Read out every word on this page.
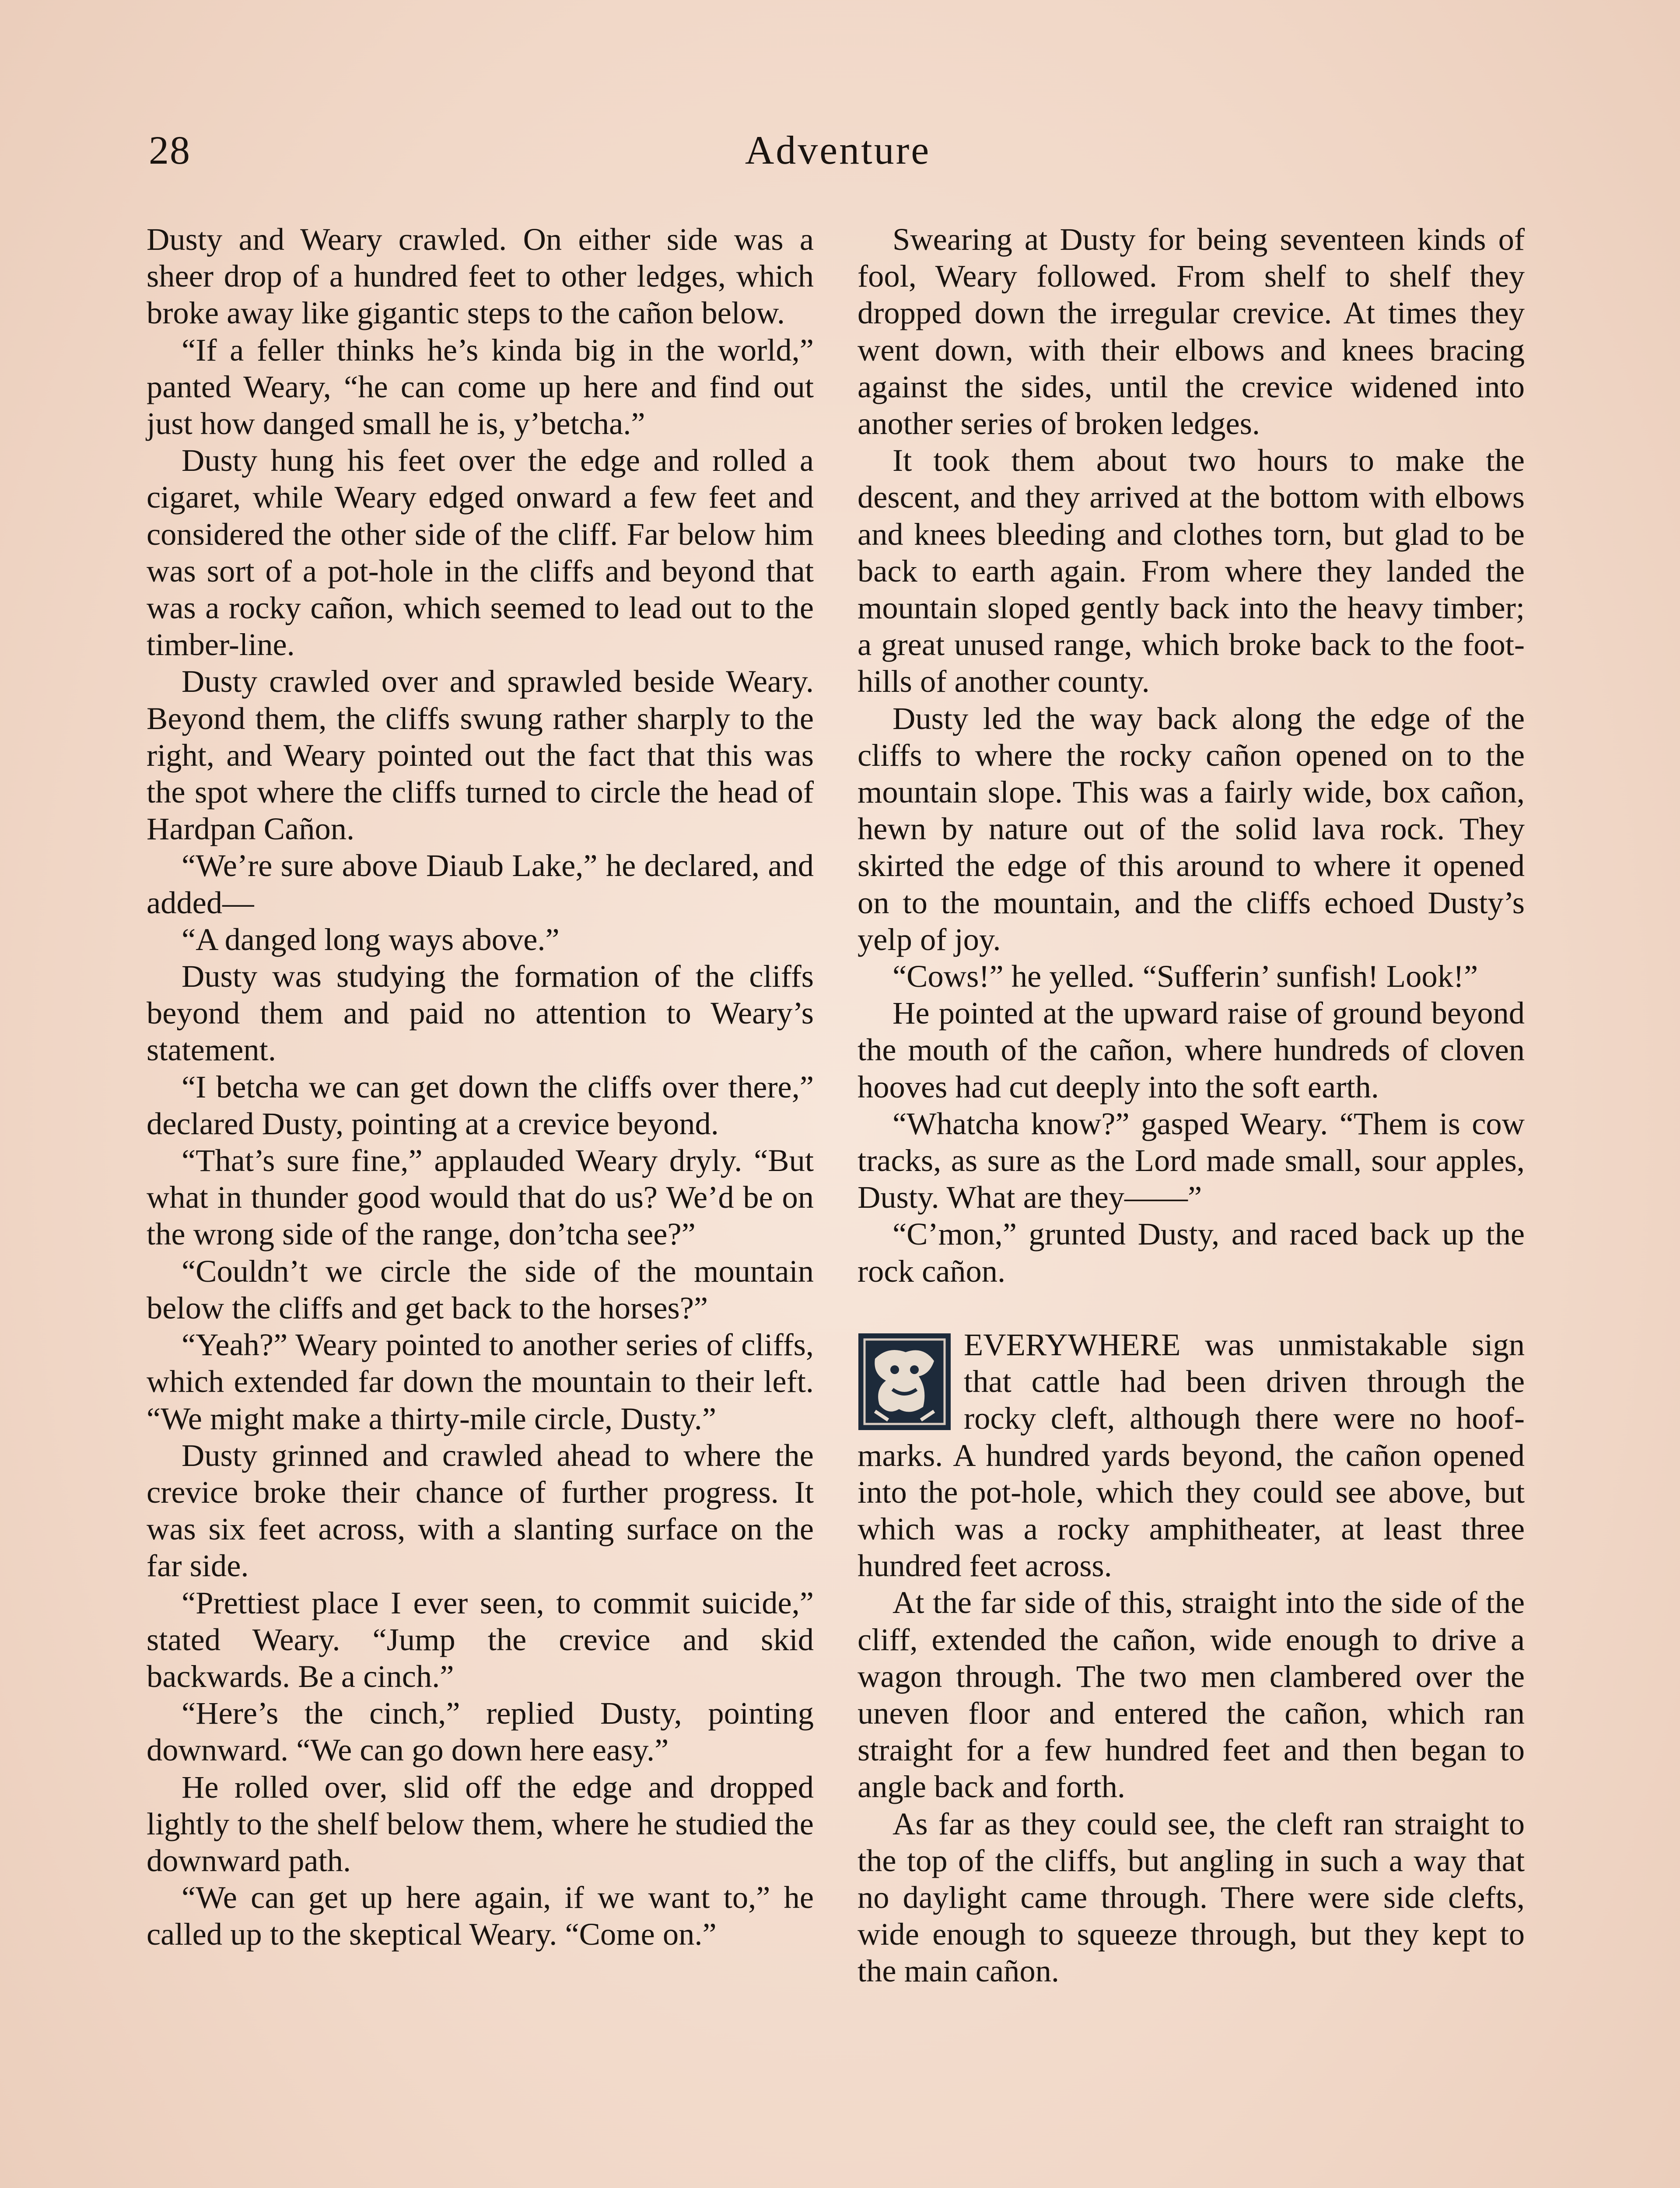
28	Adventure

Dusty and Weary crawled. On either side was a sheer drop of a hundred feet to other ledges, which broke away like gigantic steps to the cañon below.

“If a feller thinks he’s kinda big in the world,” panted Weary, “he can come up here and find out just how danged small he is, y’betcha.”

Dusty hung his feet over the edge and rolled a cigaret, while Weary edged onward a few feet and considered the other side of the cliff. Far below him was sort of a pot-hole in the cliffs and beyond that was a rocky cañon, which seemed to lead out to the timber-line.

Dusty crawled over and sprawled beside Weary. Beyond them, the cliffs swung rather sharply to the right, and Weary pointed out the fact that this was the spot where the cliffs turned to circle the head of Hardpan Cañon.

“We’re sure above Diaub Lake,” he declared, and added—

“A danged long ways above.”

Dusty was studying the formation of the cliffs beyond them and paid no attention to Weary’s statement.

“I betcha we can get down the cliffs over there,” declared Dusty, pointing at a crevice beyond.

“That’s sure fine,” applauded Weary dryly. “But what in thunder good would that do us? We’d be on the wrong side of the range, don’tcha see?”

“Couldn’t we circle the side of the mountain below the cliffs and get back to the horses?”

“Yeah?” Weary pointed to another series of cliffs, which extended far down the mountain to their left. “We might make a thirty-mile circle, Dusty.”

Dusty grinned and crawled ahead to where the crevice broke their chance of further progress. It was six feet across, with a slanting surface on the far side.

“Prettiest place I ever seen, to commit suicide,” stated Weary. “Jump the crevice and skid backwards. Be a cinch.”

“Here’s the cinch,” replied Dusty, pointing downward. “We can go down here easy.”

He rolled over, slid off the edge and dropped lightly to the shelf below them, where he studied the downward path.

“We can get up here again, if we want to,” he called up to the skeptical Weary. “Come on.”

Swearing at Dusty for being seventeen kinds of fool, Weary followed. From shelf to shelf they dropped down the irregular crevice. At times they went down, with their elbows and knees bracing against the sides, until the crevice widened into another series of broken ledges.

It took them about two hours to make the descent, and they arrived at the bottom with elbows and knees bleeding and clothes torn, but glad to be back to earth again. From where they landed the mountain sloped gently back into the heavy timber; a great unused range, which broke back to the foot-hills of another county.

Dusty led the way back along the edge of the cliffs to where the rocky cañon opened on to the mountain slope. This was a fairly wide, box cañon, hewn by nature out of the solid lava rock. They skirted the edge of this around to where it opened on to the mountain, and the cliffs echoed Dusty’s yelp of joy.

“Cows!” he yelled. “Sufferin’ sunfish! Look!”

He pointed at the upward raise of ground beyond the mouth of the cañon, where hundreds of cloven hooves had cut deeply into the soft earth.

“Whatcha know?” gasped Weary. “Them is cow tracks, as sure as the Lord made small, sour apples, Dusty. What are they——”

“C’mon,” grunted Dusty, and raced back up the rock cañon.

EVERYWHERE was unmistakable sign that cattle had been driven through the rocky cleft, although there were no hoof-marks. A hundred yards beyond, the cañon opened into the pot-hole, which they could see above, but which was a rocky amphitheater, at least three hundred feet across.

At the far side of this, straight into the side of the cliff, extended the cañon, wide enough to drive a wagon through. The two men clambered over the uneven floor and entered the cañon, which ran straight for a few hundred feet and then began to angle back and forth.

As far as they could see, the cleft ran straight to the top of the cliffs, but angling in such a way that no daylight came through. There were side clefts, wide enough to squeeze through, but they kept to the main cañon.
